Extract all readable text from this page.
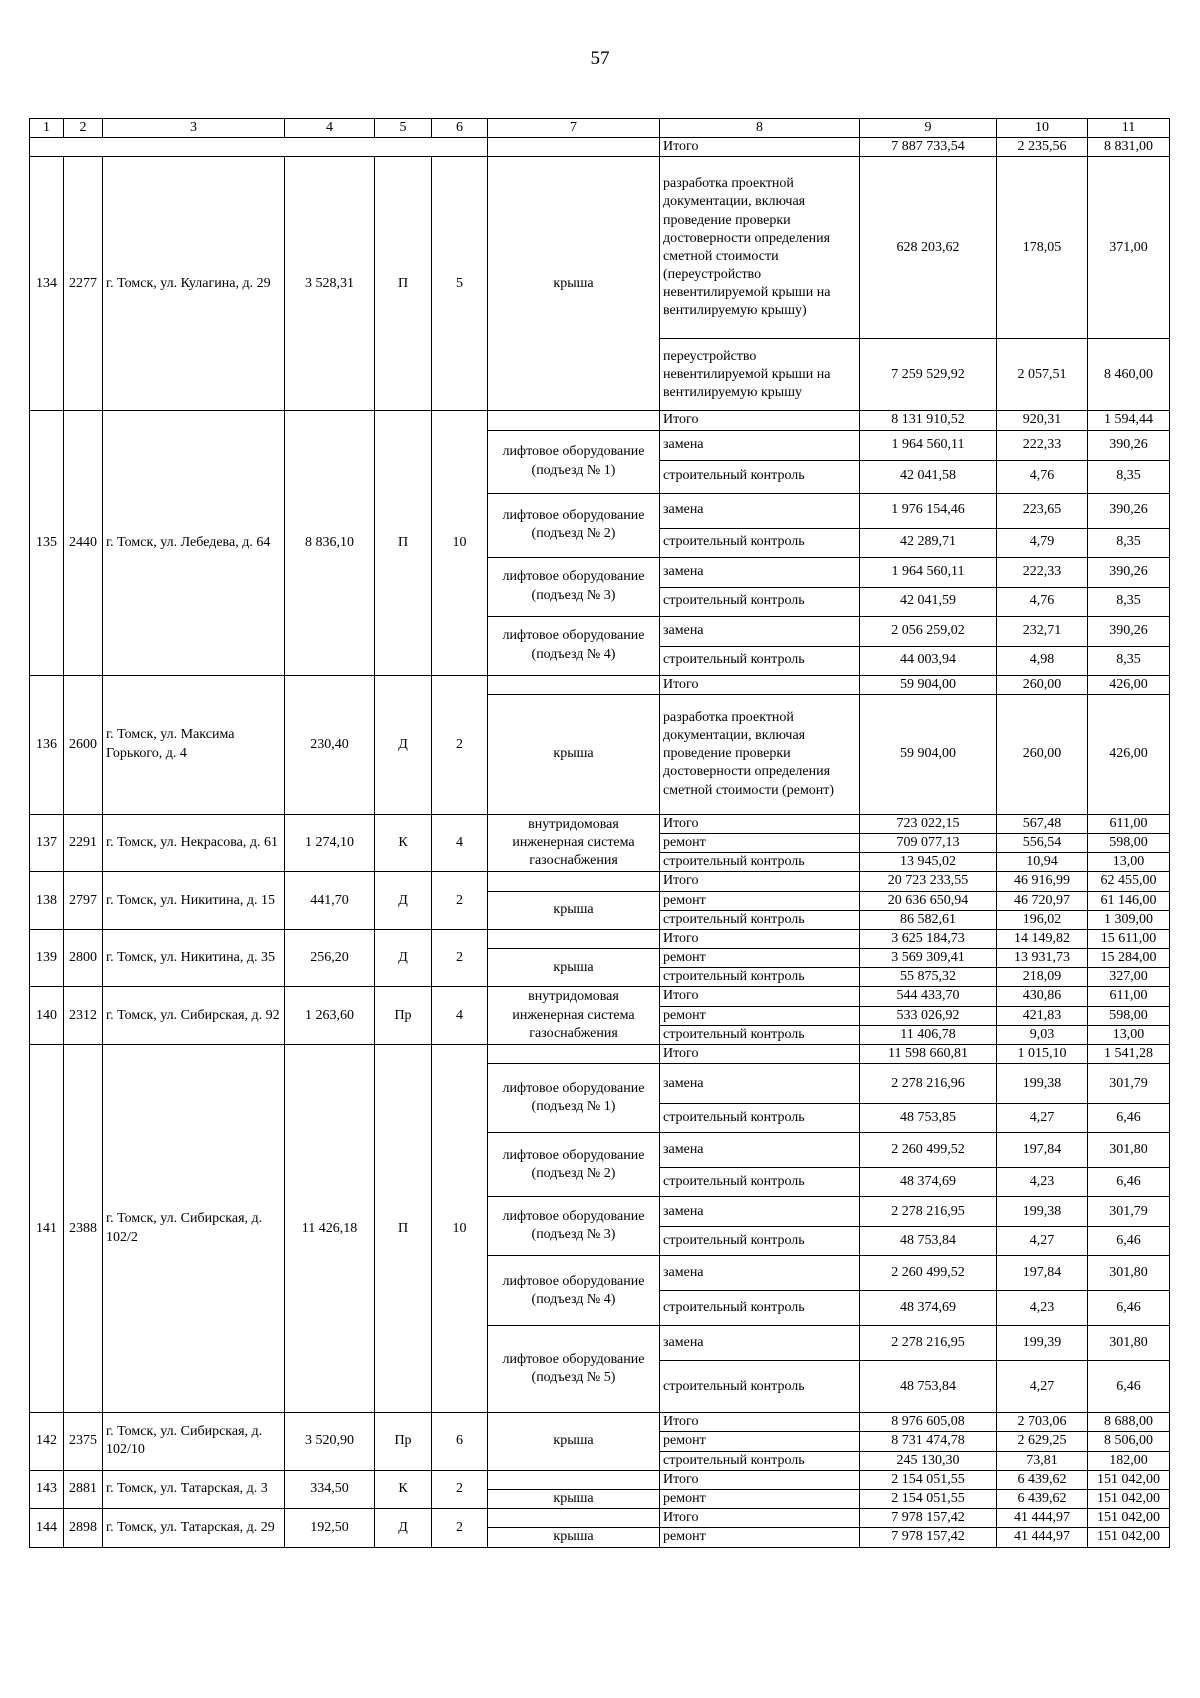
57
1	2	3	4	5	6	7	8	9	10	11
							Итого	7 887 733,54	2 235,56	8 831,00
134	2277	г. Томск, ул. Кулагина, д. 29	3 528,31	П	5	крыша	разработка проектной документации, включая проведение проверки достоверности определения сметной стоимости (переустройство невентилируемой крыши на вентилируемую крышу)	628 203,62	178,05	371,00
							переустройство невентилируемой крыши на вентилируемую крышу	7 259 529,92	2 057,51	8 460,00
135	2440	г. Томск, ул. Лебедева, д. 64	8 836,10	П	10		Итого	8 131 910,52	920,31	1 594,44
						лифтовое оборудование (подъезд № 1)	замена	1 964 560,11	222,33	390,26
							строительный контроль	42 041,58	4,76	8,35
						лифтовое оборудование (подъезд № 2)	замена	1 976 154,46	223,65	390,26
							строительный контроль	42 289,71	4,79	8,35
						лифтовое оборудование (подъезд № 3)	замена	1 964 560,11	222,33	390,26
							строительный контроль	42 041,59	4,76	8,35
						лифтовое оборудование (подъезд № 4)	замена	2 056 259,02	232,71	390,26
							строительный контроль	44 003,94	4,98	8,35
136	2600	г. Томск, ул. Максима Горького, д. 4	230,40	Д	2		Итого	59 904,00	260,00	426,00
						крыша	разработка проектной документации, включая проведение проверки достоверности определения сметной стоимости (ремонт)	59 904,00	260,00	426,00
137	2291	г. Томск, ул. Некрасова, д. 61	1 274,10	К	4	внутридомовая инженерная система газоснабжения	Итого	723 022,15	567,48	611,00
							ремонт	709 077,13	556,54	598,00
							строительный контроль	13 945,02	10,94	13,00
138	2797	г. Томск, ул. Никитина, д. 15	441,70	Д	2		Итого	20 723 233,55	46 916,99	62 455,00
						крыша	ремонт	20 636 650,94	46 720,97	61 146,00
							строительный контроль	86 582,61	196,02	1 309,00
139	2800	г. Томск, ул. Никитина, д. 35	256,20	Д	2		Итого	3 625 184,73	14 149,82	15 611,00
						крыша	ремонт	3 569 309,41	13 931,73	15 284,00
							строительный контроль	55 875,32	218,09	327,00
140	2312	г. Томск, ул. Сибирская, д. 92	1 263,60	Пр	4	внутридомовая инженерная система газоснабжения	Итого	544 433,70	430,86	611,00
							ремонт	533 026,92	421,83	598,00
							строительный контроль	11 406,78	9,03	13,00
141	2388	г. Томск, ул. Сибирская, д. 102/2	11 426,18	П	10		Итого	11 598 660,81	1 015,10	1 541,28
						лифтовое оборудование (подъезд № 1)	замена	2 278 216,96	199,38	301,79
							строительный контроль	48 753,85	4,27	6,46
						лифтовое оборудование (подъезд № 2)	замена	2 260 499,52	197,84	301,80
							строительный контроль	48 374,69	4,23	6,46
						лифтовое оборудование (подъезд № 3)	замена	2 278 216,95	199,38	301,79
							строительный контроль	48 753,84	4,27	6,46
						лифтовое оборудование (подъезд № 4)	замена	2 260 499,52	197,84	301,80
							строительный контроль	48 374,69	4,23	6,46
						лифтовое оборудование (подъезд № 5)	замена	2 278 216,95	199,39	301,80
							строительный контроль	48 753,84	4,27	6,46
142	2375	г. Томск, ул. Сибирская, д. 102/10	3 520,90	Пр	6	крыша	Итого	8 976 605,08	2 703,06	8 688,00
							ремонт	8 731 474,78	2 629,25	8 506,00
							строительный контроль	245 130,30	73,81	182,00
143	2881	г. Томск, ул. Татарская, д. 3	334,50	К	2		Итого	2 154 051,55	6 439,62	151 042,00
						крыша	ремонт	2 154 051,55	6 439,62	151 042,00
144	2898	г. Томск, ул. Татарская, д. 29	192,50	Д	2		Итого	7 978 157,42	41 444,97	151 042,00
						крыша	ремонт	7 978 157,42	41 444,97	151 042,00
